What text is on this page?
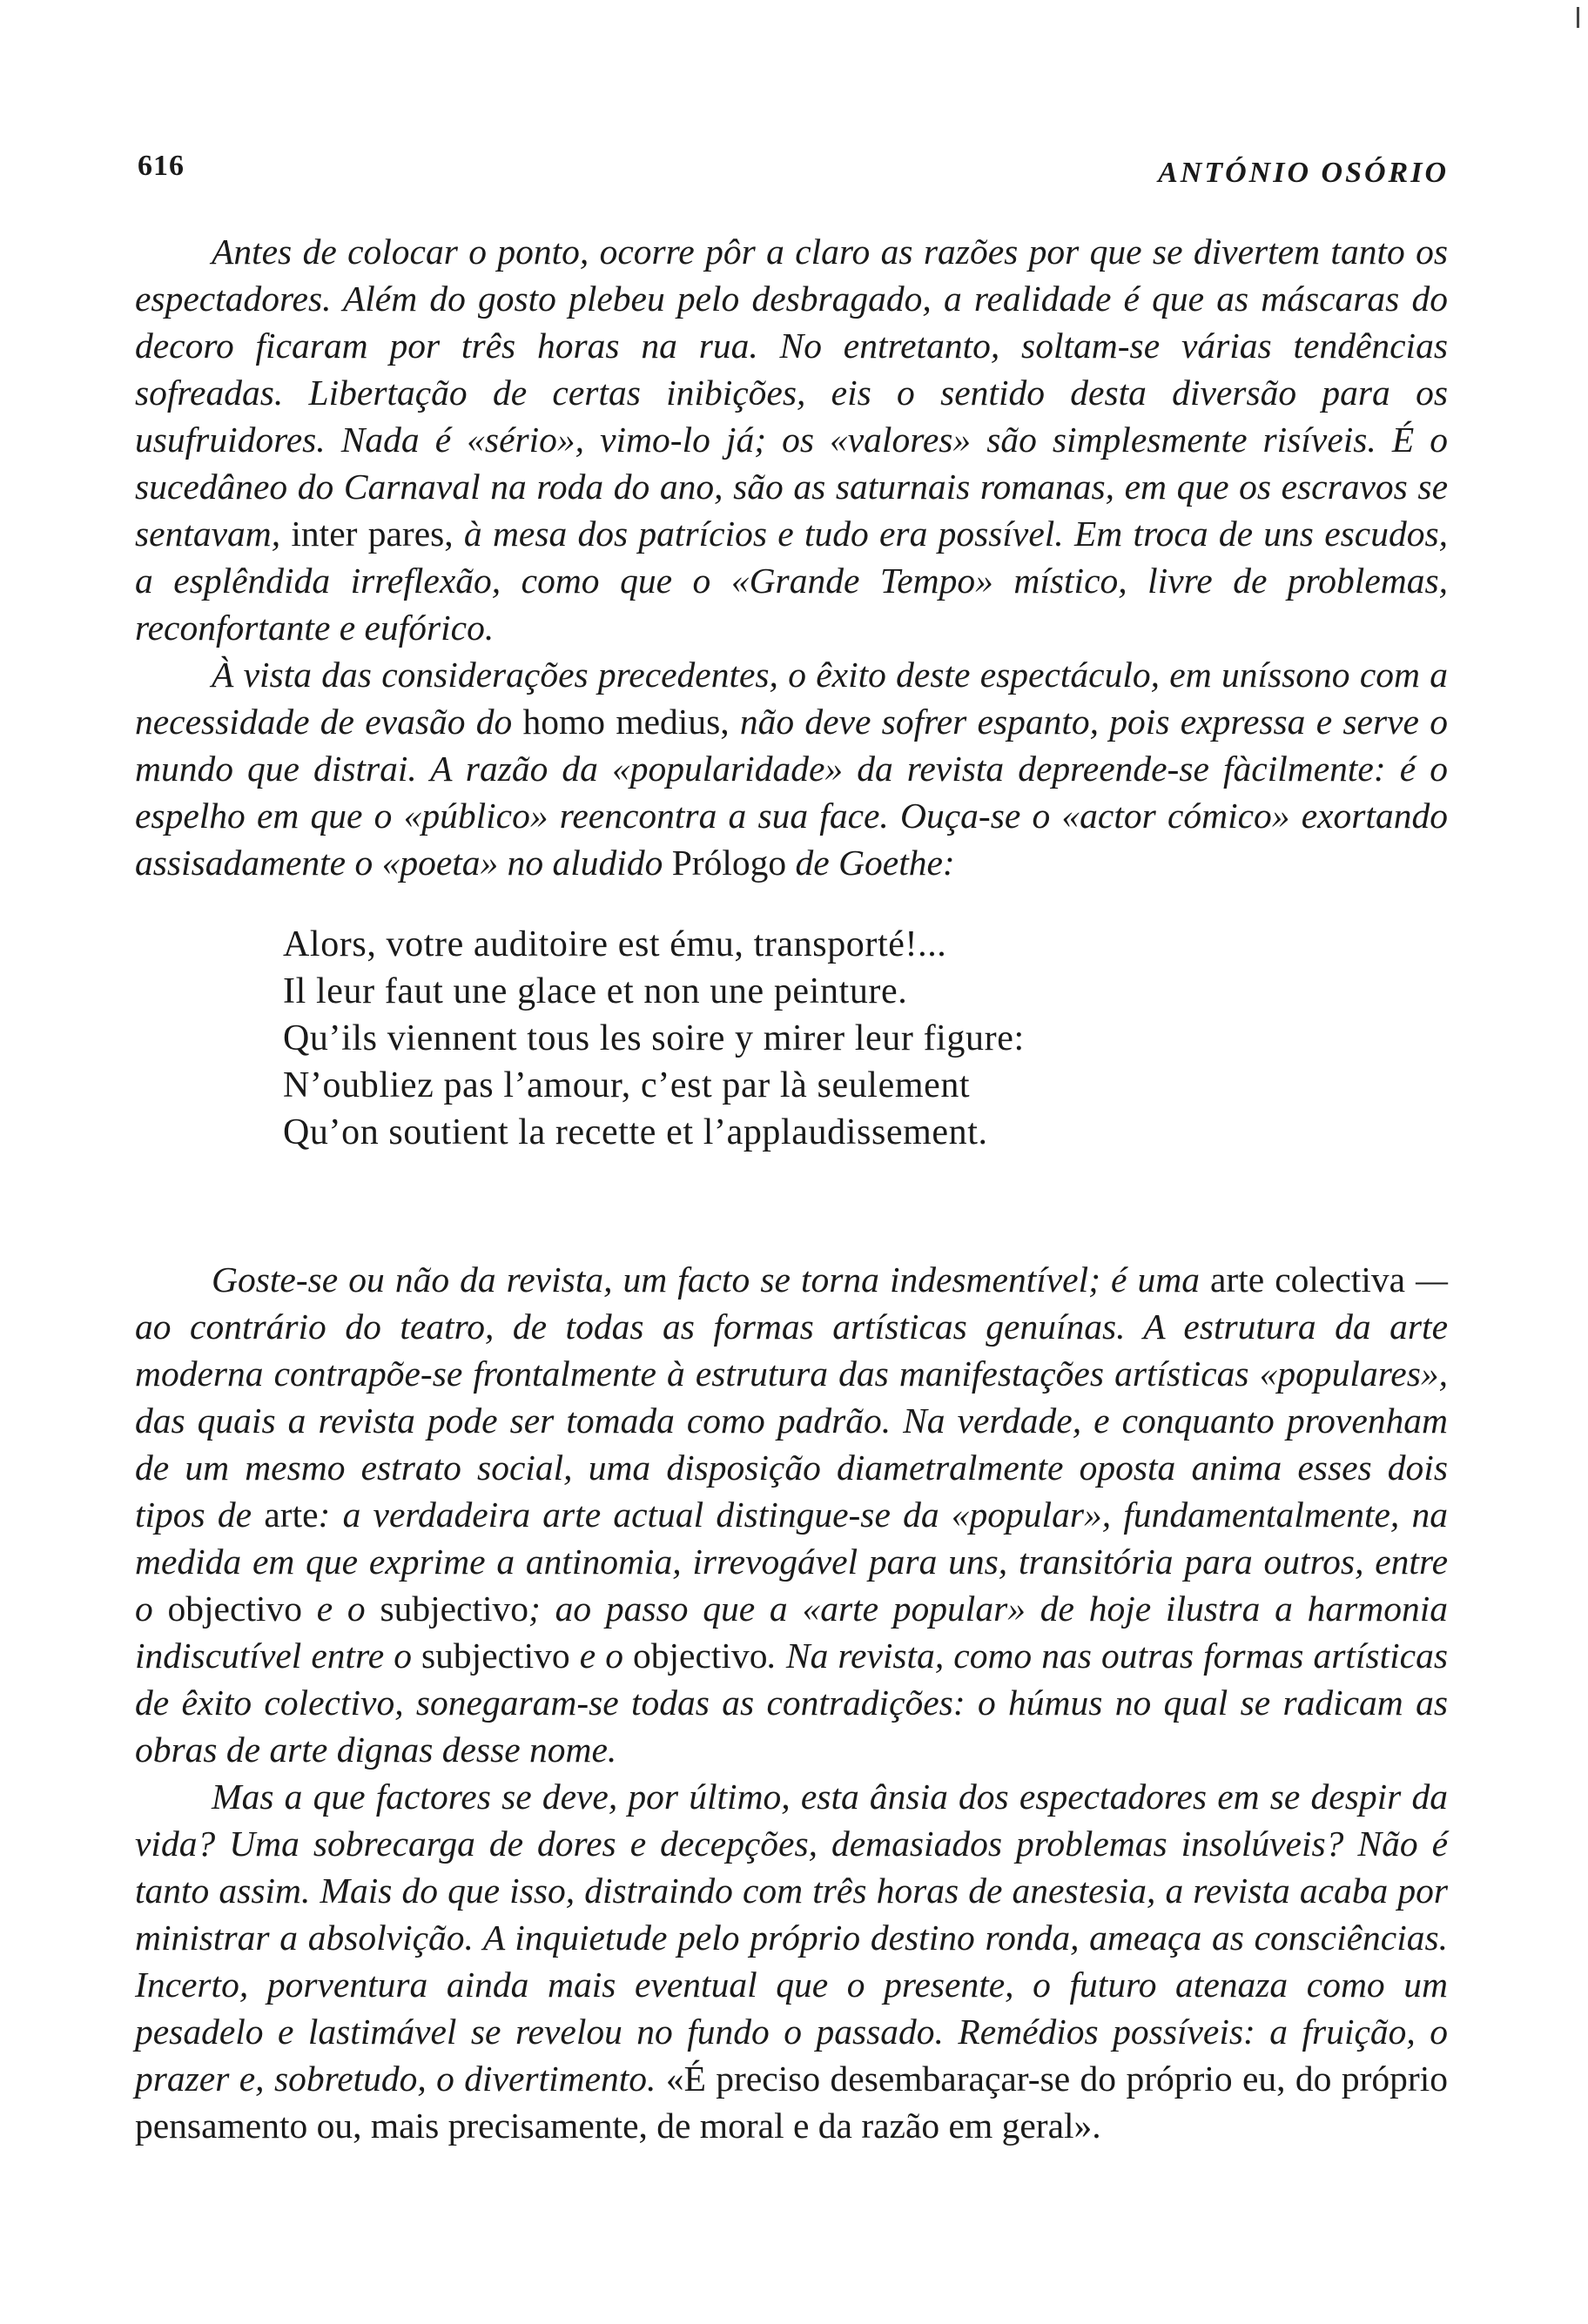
616	ANTÓNIO OSÓRIO

Antes de colocar o ponto, ocorre pôr a claro as razões por que se divertem tanto os espectadores. Além do gosto plebeu pelo desbragado, a realidade é que as máscaras do decoro ficaram por três horas na rua. No entretanto, soltam-se várias tendências sofreadas. Libertação de certas inibições, eis o sentido desta diversão para os usufruidores. Nada é «sério», vimo-lo já; os «valores» são simplesmente risíveis. É o sucedâneo do Carnaval na roda do ano, são as saturnais romanas, em que os escravos se sentavam, inter pares, à mesa dos patrícios e tudo era possível. Em troca de uns escudos, a esplêndida irreflexão, como que o «Grande Tempo» místico, livre de problemas, reconfortante e eufórico.

À vista das considerações precedentes, o êxito deste espectáculo, em uníssono com a necessidade de evasão do homo medius, não deve sofrer espanto, pois expressa e serve o mundo que distrai. A razão da «popularidade» da revista depreende-se fàcilmente: é o espelho em que o «público» reencontra a sua face. Ouça-se o «actor cómico» exortando assisadamente o «poeta» no aludido Prólogo de Goethe:

Alors, votre auditoire est ému, transporté!...
Il leur faut une glace et non une peinture.
Qu’ils viennent tous les soire y mirer leur figure:
N’oubliez pas l’amour, c’est par là seulement
Qu’on soutient la recette et l’applaudissement.

Goste-se ou não da revista, um facto se torna indesmentível; é uma arte colectiva — ao contrário do teatro, de todas as formas artísticas genuínas. A estrutura da arte moderna contrapõe-se frontalmente à estrutura das manifestações artísticas «populares», das quais a revista pode ser tomada como padrão. Na verdade, e conquanto provenham de um mesmo estrato social, uma disposição diametralmente oposta anima esses dois tipos de arte: a verdadeira arte actual distingue-se da «popular», fundamentalmente, na medida em que exprime a antinomia, irrevogável para uns, transitória para outros, entre o objectivo e o subjectivo; ao passo que a «arte popular» de hoje ilustra a harmonia indiscutível entre o subjectivo e o objectivo. Na revista, como nas outras formas artísticas de êxito colectivo, sonegaram-se todas as contradições: o húmus no qual se radicam as obras de arte dignas desse nome.

Mas a que factores se deve, por último, esta ânsia dos espectadores em se despir da vida? Uma sobrecarga de dores e decepções, demasiados problemas insolúveis? Não é tanto assim. Mais do que isso, distraindo com três horas de anestesia, a revista acaba por ministrar a absolvição. A inquietude pelo próprio destino ronda, ameaça as consciências. Incerto, porventura ainda mais eventual que o presente, o futuro atenaza como um pesadelo e lastimável se revelou no fundo o passado. Remédios possíveis: a fruição, o prazer e, sobretudo, o divertimento. «É preciso desembaraçar-se do próprio eu, do próprio pensamento ou, mais precisamente, de moral e da razão em geral».
